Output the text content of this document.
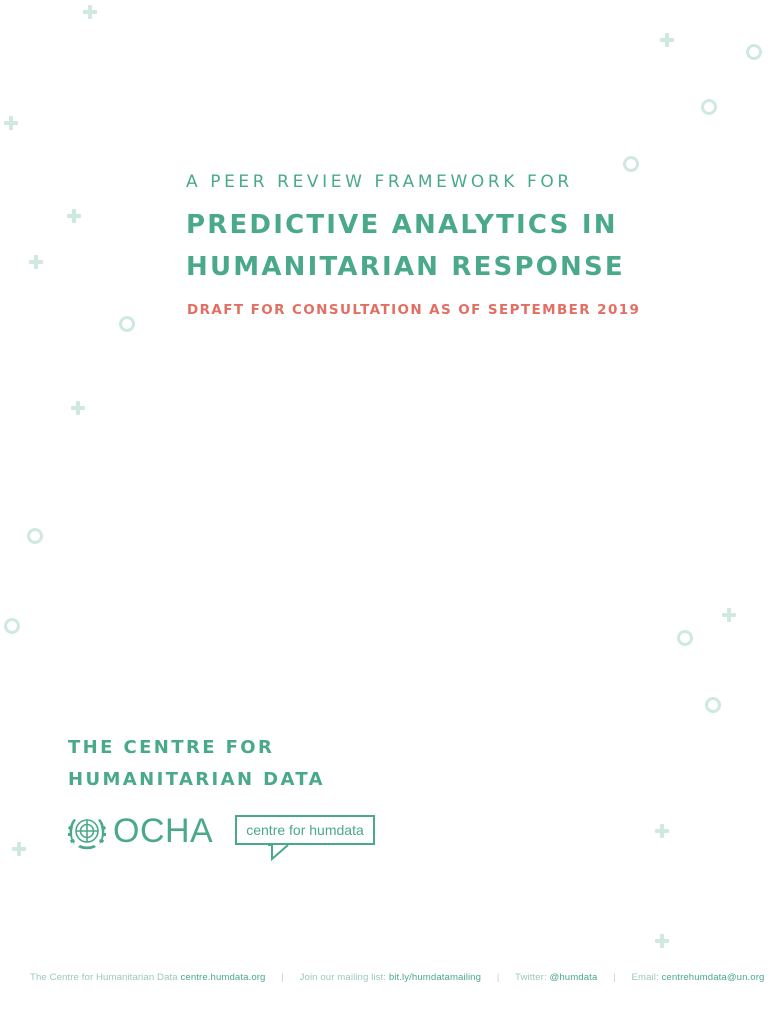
A PEER REVIEW FRAMEWORK FOR
PREDICTIVE ANALYTICS IN
HUMANITARIAN RESPONSE
DRAFT FOR CONSULTATION AS OF SEPTEMBER 2019
THE CENTRE FOR
HUMANITARIAN DATA
OCHA centre for humdata
The Centre for Humanitarian Data centre.humdata.org | Join our mailing list: bit.ly/humdatamailing | Twitter: @humdata | Email: centrehumdata@un.org
